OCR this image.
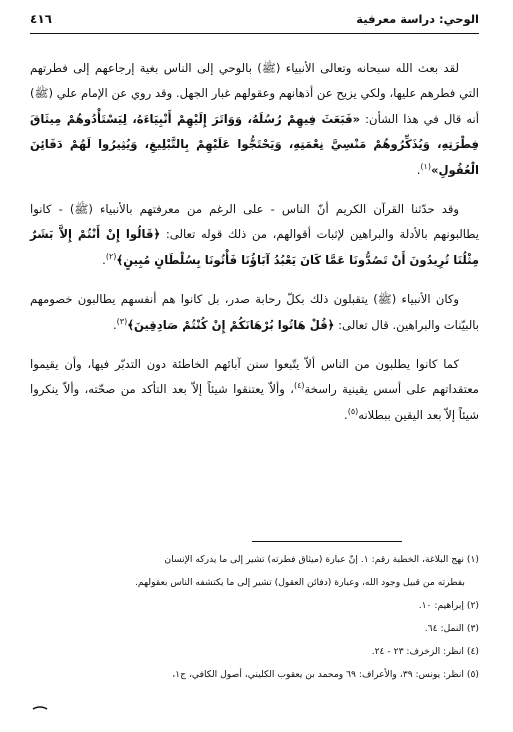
الوحي: دراسة معرفية
٤١٦

لقد بعث الله سبحانه وتعالى الأنبياء (ﷺ) بالوحي إلى الناس بغية إرجاعهم إلى فطرتهم التي فطرهم عليها، ولكي يزيح عن أذهانهم وعقولهم غبار الجهل. وقد روي عن الإمام علي (ﷺ) أنه قال في هذا الشأن: «فَبَعَثَ فِيهِمْ رُسُلَهُ، وَوَاتَرَ إِلَيْهِمْ أَنْبِيَاءَهُ، لِيَسْتَأْدُوهُمْ مِيثَاقَ فِطْرَتِهِ، وَيُذَكِّرُوهُمْ مَنْسِيَّ نِعْمَتِهِ، وَيَحْتَجُّوا عَلَيْهِمْ بِالتَّبْلِيغِ، وَيُثِيرُوا لَهُمْ دَفَائِنَ الْعُقُولِ»$^{(١)}$.

وقد حدّثنا القرآن الكريم أنّ الناس - على الرغم من معرفتهم بالأنبياء (ﷺ) - كانوا يطالبونهم بالأدلة والبراهين لإثبات أقوالهم، من ذلك قوله تعالى: ﴿قَالُوا إِنْ أَنْتُمْ إِلاَّ بَشَرٌ مِثْلُنَا تُرِيدُونَ أَنْ تَصُدُّونَا عَمَّا كَانَ يَعْبُدُ آبَاؤُنَا فَأْتُونَا بِسُلْطَانٍ مُبِينٍ﴾$^{(٢)}$.

وكان الأنبياء (ﷺ) يتقبلون ذلك بكلّ رحابة صدر، بل كانوا هم أنفسهم يطالبون خصومهم بالبيّنات والبراهين. قال تعالى: ﴿قُلْ هَاتُوا بُرْهَانَكُمْ إِنْ كُنْتُمْ صَادِقِينَ﴾$^{(٣)}$.

كما كانوا يطلبون من الناس ألاّ يتّبعوا سنن آبائهم الخاطئة دون التدبّر فيها، وأن يقيموا معتقداتهم على أسس يقينية راسخة$^{(٤)}$، وألاّ يعتنقوا شيئاً إلاّ بعد التأكد من صحّته، وألاّ ينكروا شيئاً إلاّ بعد اليقين ببطلانه$^{(٥)}$.

(١) نهج البلاغة، الخطبة رقم: ١. إنّ عبارة (ميثاق فطرته) تشير إلى ما يدركه الإنسان

بفطرته من قبيل وجود الله، وعبارة (دفائن العقول) تشير إلى ما يكتشفه الناس بعقولهم.

(٢) إبراهيم: ١٠.

(٣) النمل: ٦٤.

(٤) انظر: الزخرف: ٢٣ - ٢٤.

(٥) انظر: يونس: ٣٩، والأعراف: ٦٩ ومحمد بن يعقوب الكليني، أصول الكافي، ج١،
